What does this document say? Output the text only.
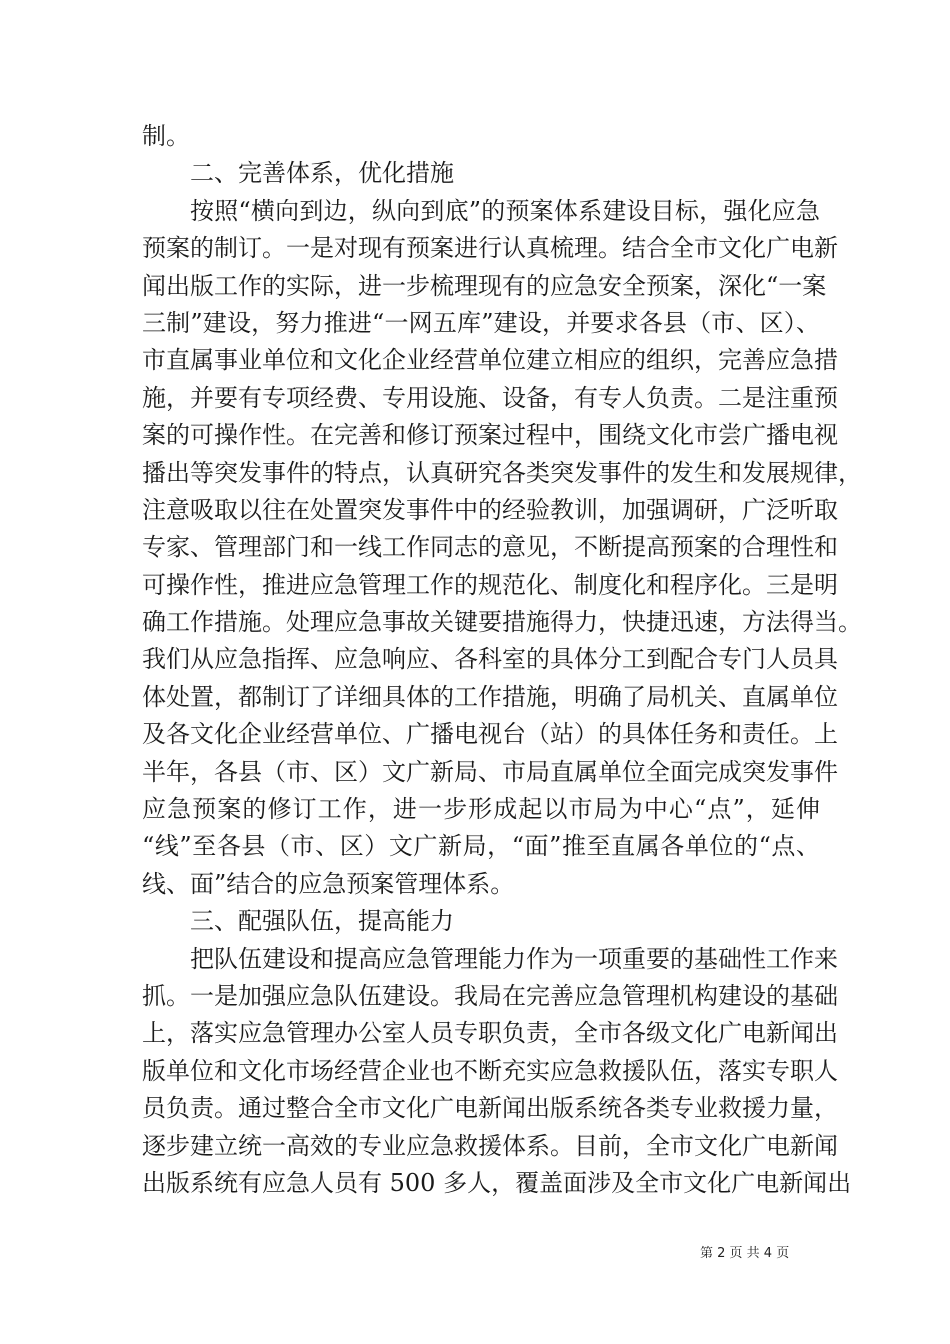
制。
二、完善体系，优化措施
按照“横向到边，纵向到底”的预案体系建设目标，强化应急
预案的制订。一是对现有预案进行认真梳理。结合全市文化广电新
闻出版工作的实际，进一步梳理现有的应急安全预案，深化“一案
三制”建设，努力推进“一网五库”建设，并要求各县（市、区）、
市直属事业单位和文化企业经营单位建立相应的组织，完善应急措
施，并要有专项经费、专用设施、设备，有专人负责。二是注重预
案的可操作性。在完善和修订预案过程中，围绕文化市尝广播电视
播出等突发事件的特点，认真研究各类突发事件的发生和发展规律，
注意吸取以往在处置突发事件中的经验教训，加强调研，广泛听取
专家、管理部门和一线工作同志的意见，不断提高预案的合理性和
可操作性，推进应急管理工作的规范化、制度化和程序化。三是明
确工作措施。处理应急事故关键要措施得力，快捷迅速，方法得当。
我们从应急指挥、应急响应、各科室的具体分工到配合专门人员具
体处置，都制订了详细具体的工作措施，明确了局机关、直属单位
及各文化企业经营单位、广播电视台（站）的具体任务和责任。上
半年，各县（市、区）文广新局、市局直属单位全面完成突发事件
应急预案的修订工作，进一步形成起以市局为中心“点”，延伸
“线”至各县（市、区）文广新局，“面”推至直属各单位的“点、
线、面”结合的应急预案管理体系。
三、配强队伍，提高能力
把队伍建设和提高应急管理能力作为一项重要的基础性工作来
抓。一是加强应急队伍建设。我局在完善应急管理机构建设的基础
上，落实应急管理办公室人员专职负责，全市各级文化广电新闻出
版单位和文化市场经营企业也不断充实应急救援队伍，落实专职人
员负责。通过整合全市文化广电新闻出版系统各类专业救援力量，
逐步建立统一高效的专业应急救援体系。目前，全市文化广电新闻
出版系统有应急人员有 500 多人，覆盖面涉及全市文化广电新闻出
第 2 页 共 4 页
